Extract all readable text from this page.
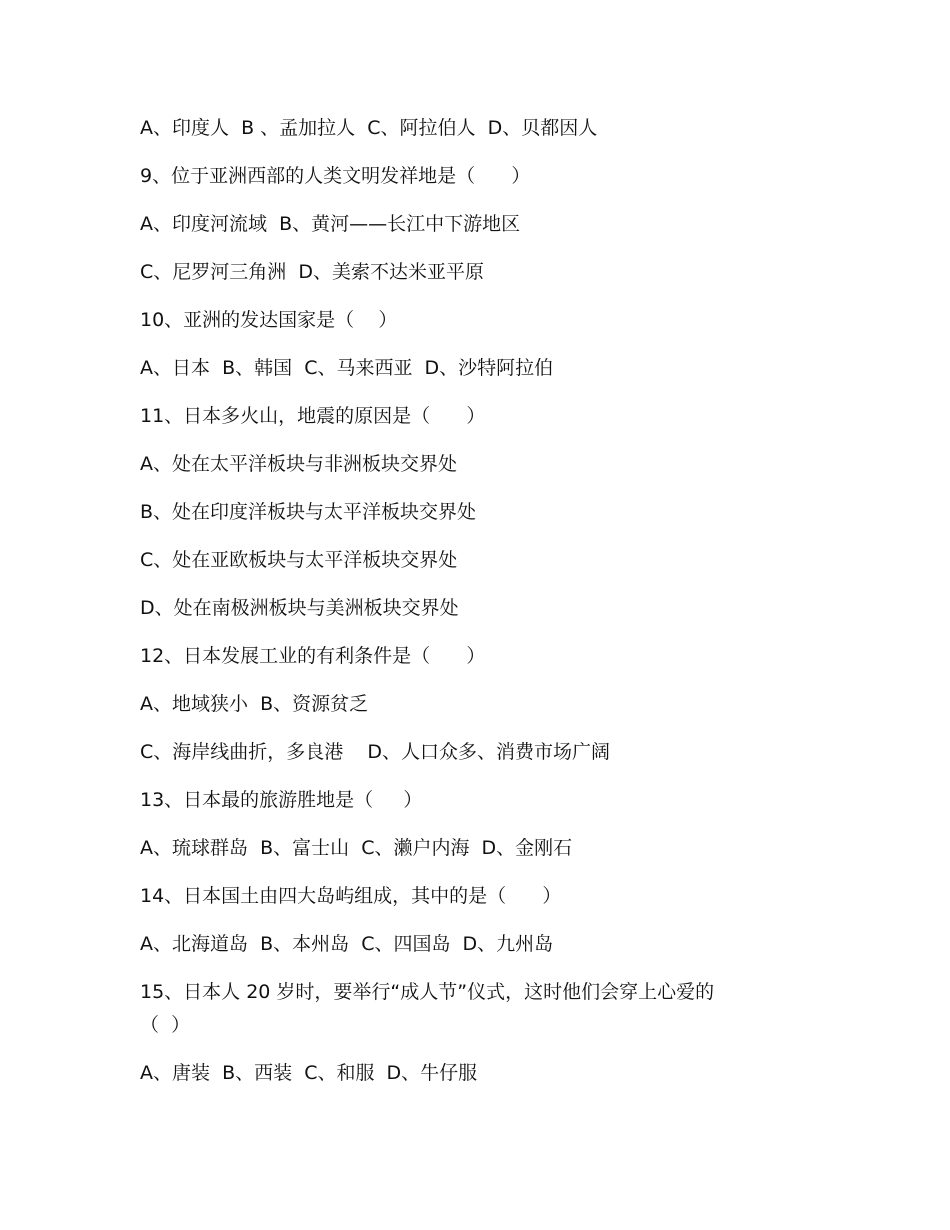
A、印度人  B 、孟加拉人  C、阿拉伯人  D、贝都因人
9、位于亚洲西部的人类文明发祥地是（      ）
A、印度河流域  B、黄河——长江中下游地区
C、尼罗河三角洲  D、美索不达米亚平原
10、亚洲的发达国家是（    ）
A、日本  B、韩国  C、马来西亚  D、沙特阿拉伯
11、日本多火山，地震的原因是（      ）
A、处在太平洋板块与非洲板块交界处
B、处在印度洋板块与太平洋板块交界处
C、处在亚欧板块与太平洋板块交界处
D、处在南极洲板块与美洲板块交界处
12、日本发展工业的有利条件是（      ）
A、地域狭小  B、资源贫乏
C、海岸线曲折，多良港    D、人口众多、消费市场广阔
13、日本最的旅游胜地是（     ）
A、琉球群岛  B、富士山  C、濑户内海  D、金刚石
14、日本国土由四大岛屿组成，其中的是（      ）
A、北海道岛  B、本州岛  C、四国岛  D、九州岛
15、日本人 20 岁时，要举行“成人节”仪式，这时他们会穿上心爱的
（  ）
A、唐装  B、西装  C、和服  D、牛仔服
